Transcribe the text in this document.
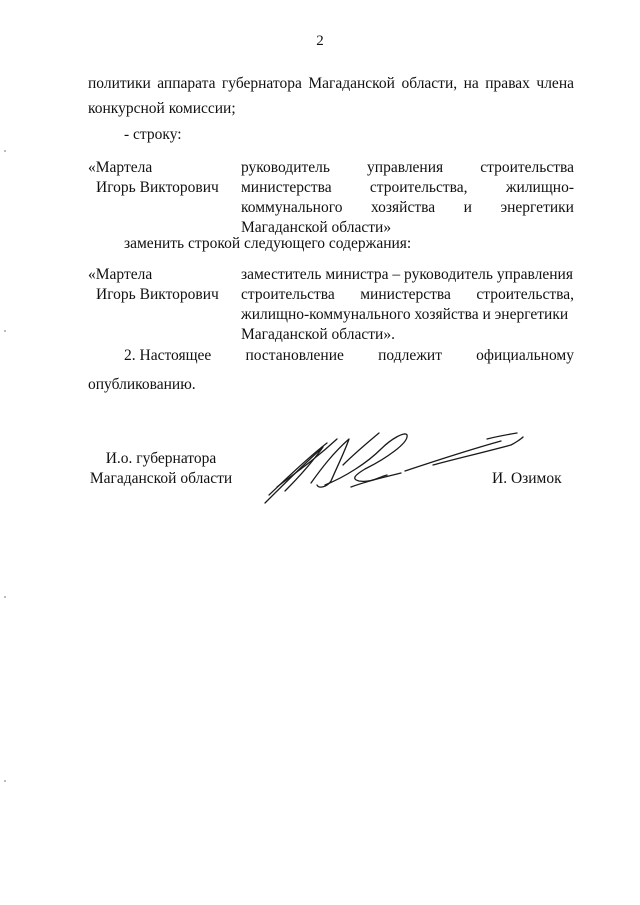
2
политики аппарата губернатора Магаданской области, на правах члена
конкурсной комиссии;
- строку:
«Мартела
Игорь Викторович
руководитель управления строительства
министерства строительства, жилищно-
коммунального хозяйства и энергетики
Магаданской области»
заменить строкой следующего содержания:
«Мартела
Игорь Викторович
заместитель министра – руководитель управления
строительства министерства строительства,
жилищно-коммунального хозяйства и энергетики
Магаданской области».
2. Настоящее постановление подлежит официальному
опубликованию.
И.о. губернатора
Магаданской области	И. Озимок
